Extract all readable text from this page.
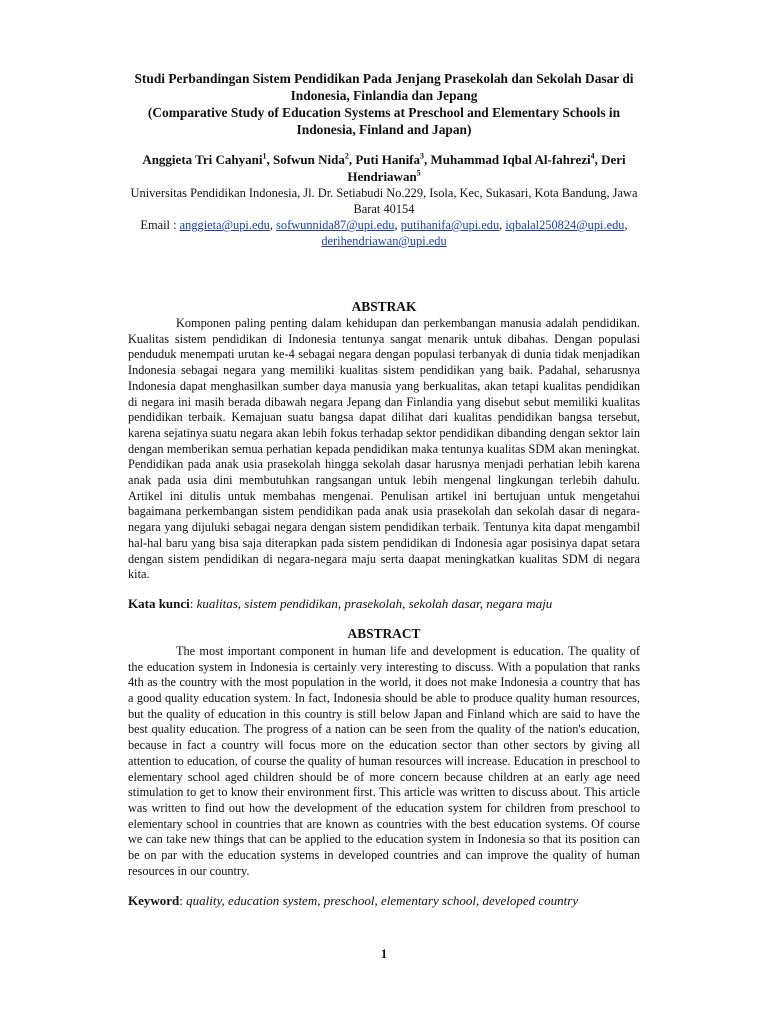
Studi Perbandingan Sistem Pendidikan Pada Jenjang Prasekolah dan Sekolah Dasar di Indonesia, Finlandia dan Jepang

(Comparative Study of Education Systems at Preschool and Elementary Schools in Indonesia, Finland and Japan)

Anggieta Tri Cahyani$^1$, Sofwun Nida$^2$, Puti Hanifa$^3$, Muhammad Iqbal Al-fahrezi$^4$, Deri Hendriawan$^5$
Universitas Pendidikan Indonesia, Jl. Dr. Setiabudi No.229, Isola, Kec, Sukasari, Kota Bandung, Jawa Barat 40154
Email : anggieta@upi.edu, sofwunnida87@upi.edu, putihanifa@upi.edu, iqbalal250824@upi.edu,
derihendriawan@upi.edu

ABSTRAK

Komponen paling penting dalam kehidupan dan perkembangan manusia adalah pendidikan. Kualitas sistem pendidikan di Indonesia tentunya sangat menarik untuk dibahas. Dengan populasi penduduk menempati urutan ke-4 sebagai negara dengan populasi terbanyak di dunia tidak menjadikan Indonesia sebagai negara yang memiliki kualitas sistem pendidikan yang baik. Padahal, seharusnya Indonesia dapat menghasilkan sumber daya manusia yang berkualitas, akan tetapi kualitas pendidikan di negara ini masih berada dibawah negara Jepang dan Finlandia yang disebut sebut memiliki kualitas pendidikan terbaik. Kemajuan suatu bangsa dapat dilihat dari kualitas pendidikan bangsa tersebut, karena sejatinya suatu negara akan lebih fokus terhadap sektor pendidikan dibanding dengan sektor lain dengan memberikan semua perhatian kepada pendidikan maka tentunya kualitas SDM akan meningkat. Pendidikan pada anak usia prasekolah hingga sekolah dasar harusnya menjadi perhatian lebih karena anak pada usia dini membutuhkan rangsangan untuk lebih mengenal lingkungan terlebih dahulu. Artikel ini ditulis untuk membahas mengenai. Penulisan artikel ini bertujuan untuk mengetahui bagaimana perkembangan sistem pendidikan pada anak usia prasekolah dan sekolah dasar di negara-negara yang dijuluki sebagai negara dengan sistem pendidikan terbaik. Tentunya kita dapat mengambil hal-hal baru yang bisa saja diterapkan pada sistem pendidikan di Indonesia agar posisinya dapat setara dengan sistem pendidikan di negara-negara maju serta daapat meningkatkan kualitas SDM di negara kita.

Kata kunci: kualitas, sistem pendidikan, prasekolah, sekolah dasar, negara maju

ABSTRACT

The most important component in human life and development is education. The quality of the education system in Indonesia is certainly very interesting to discuss. With a population that ranks 4th as the country with the most population in the world, it does not make Indonesia a country that has a good quality education system. In fact, Indonesia should be able to produce quality human resources, but the quality of education in this country is still below Japan and Finland which are said to have the best quality education. The progress of a nation can be seen from the quality of the nation's education, because in fact a country will focus more on the education sector than other sectors by giving all attention to education, of course the quality of human resources will increase. Education in preschool to elementary school aged children should be of more concern because children at an early age need stimulation to get to know their environment first. This article was written to discuss about. This article was written to find out how the development of the education system for children from preschool to elementary school in countries that are known as countries with the best education systems. Of course we can take new things that can be applied to the education system in Indonesia so that its position can be on par with the education systems in developed countries and can improve the quality of human resources in our country.

Keyword: quality, education system, preschool, elementary school, developed country

1
